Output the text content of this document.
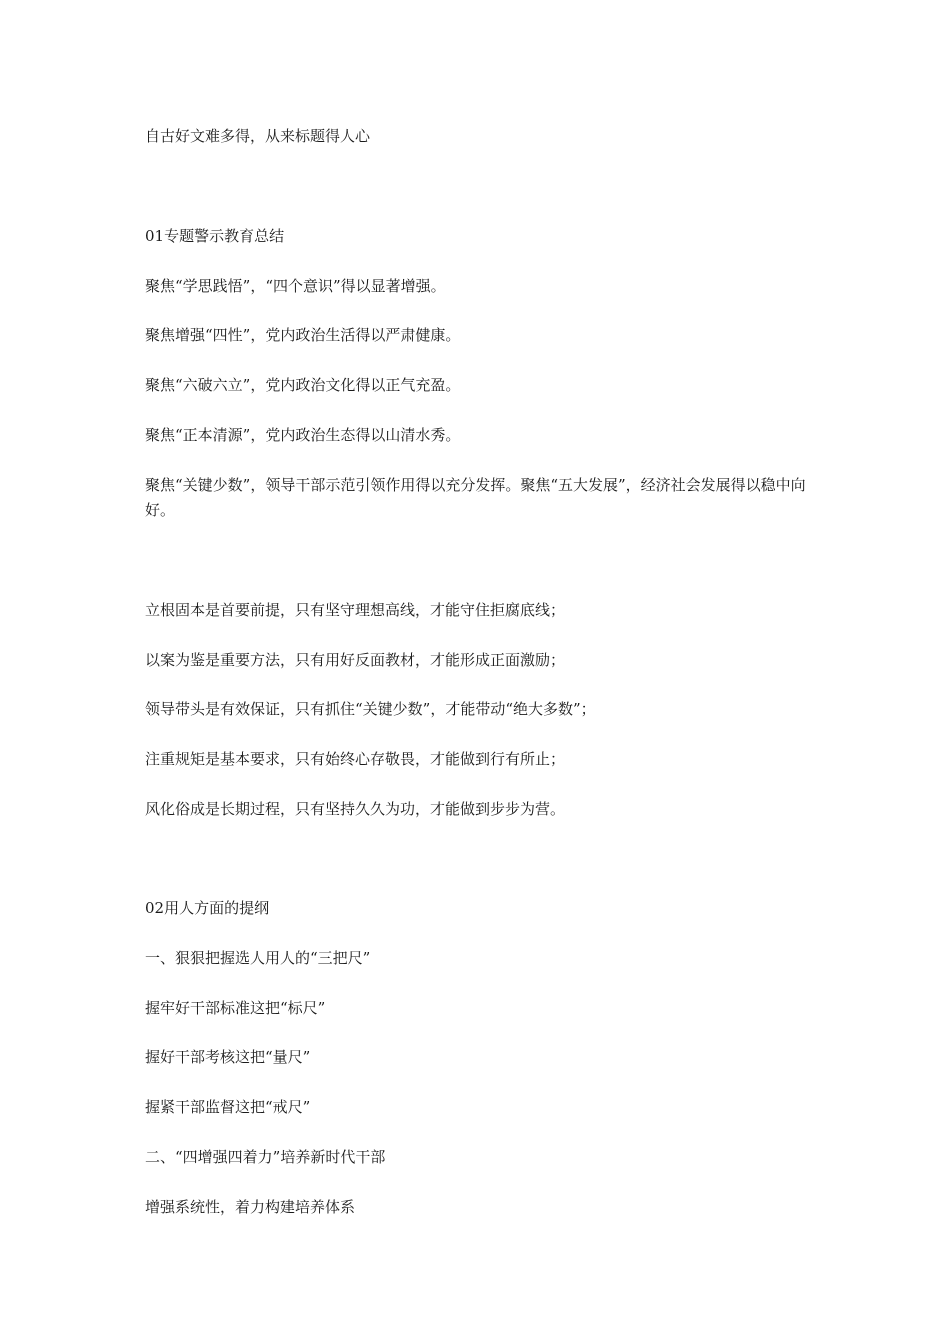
自古好文难多得，从来标题得人心
01专题警示教育总结
聚焦“学思践悟”，“四个意识”得以显著增强。
聚焦增强“四性”，党内政治生活得以严肃健康。
聚焦“六破六立”，党内政治文化得以正气充盈。
聚焦“正本清源”，党内政治生态得以山清水秀。
聚焦“关键少数”，领导干部示范引领作用得以充分发挥。聚焦“五大发展”，经济社会发展得以稳中向好。
立根固本是首要前提，只有坚守理想高线，才能守住拒腐底线；
以案为鉴是重要方法，只有用好反面教材，才能形成正面激励；
领导带头是有效保证，只有抓住“关键少数”，才能带动“绝大多数”；
注重规矩是基本要求，只有始终心存敬畏，才能做到行有所止；
风化俗成是长期过程，只有坚持久久为功，才能做到步步为营。
02用人方面的提纲
一、狠狠把握选人用人的“三把尺”
握牢好干部标准这把“标尺”
握好干部考核这把“量尺”
握紧干部监督这把“戒尺”
二、“四增强四着力”培养新时代干部
增强系统性，着力构建培养体系
